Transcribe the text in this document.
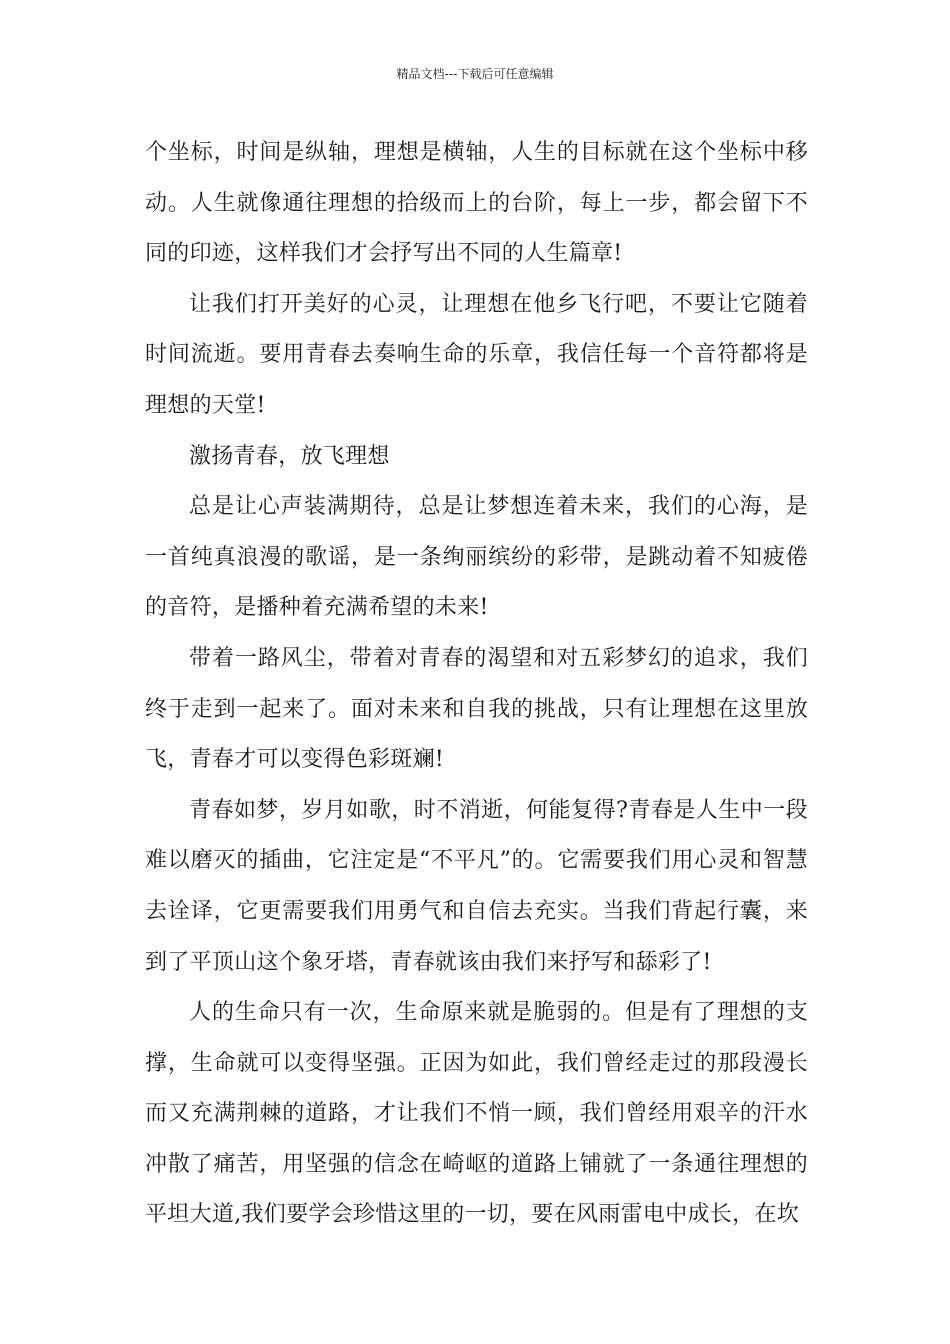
精品文档---下载后可任意编辑

个坐标，时间是纵轴，理想是横轴，人生的目标就在这个坐标中移动。人生就像通往理想的拾级而上的台阶，每上一步，都会留下不同的印迹，这样我们才会抒写出不同的人生篇章!

让我们打开美好的心灵，让理想在他乡飞行吧，不要让它随着时间流逝。要用青春去奏响生命的乐章，我信任每一个音符都将是理想的天堂!

激扬青春，放飞理想

总是让心声装满期待，总是让梦想连着未来，我们的心海，是一首纯真浪漫的歌谣，是一条绚丽缤纷的彩带，是跳动着不知疲倦的音符，是播种着充满希望的未来!

带着一路风尘，带着对青春的渴望和对五彩梦幻的追求，我们终于走到一起来了。面对未来和自我的挑战，只有让理想在这里放飞，青春才可以变得色彩斑斓!

青春如梦，岁月如歌，时不消逝，何能复得?青春是人生中一段难以磨灭的插曲，它注定是“不平凡”的。它需要我们用心灵和智慧去诠译，它更需要我们用勇气和自信去充实。当我们背起行囊，来到了平顶山这个象牙塔，青春就该由我们来抒写和舔彩了!

人的生命只有一次，生命原来就是脆弱的。但是有了理想的支撑，生命就可以变得坚强。正因为如此，我们曾经走过的那段漫长而又充满荆棘的道路，才让我们不悄一顾，我们曾经用艰辛的汗水冲散了痛苦，用坚强的信念在崎岖的道路上铺就了一条通往理想的平坦大道,我们要学会珍惜这里的一切，要在风雨雷电中成长，在坎
